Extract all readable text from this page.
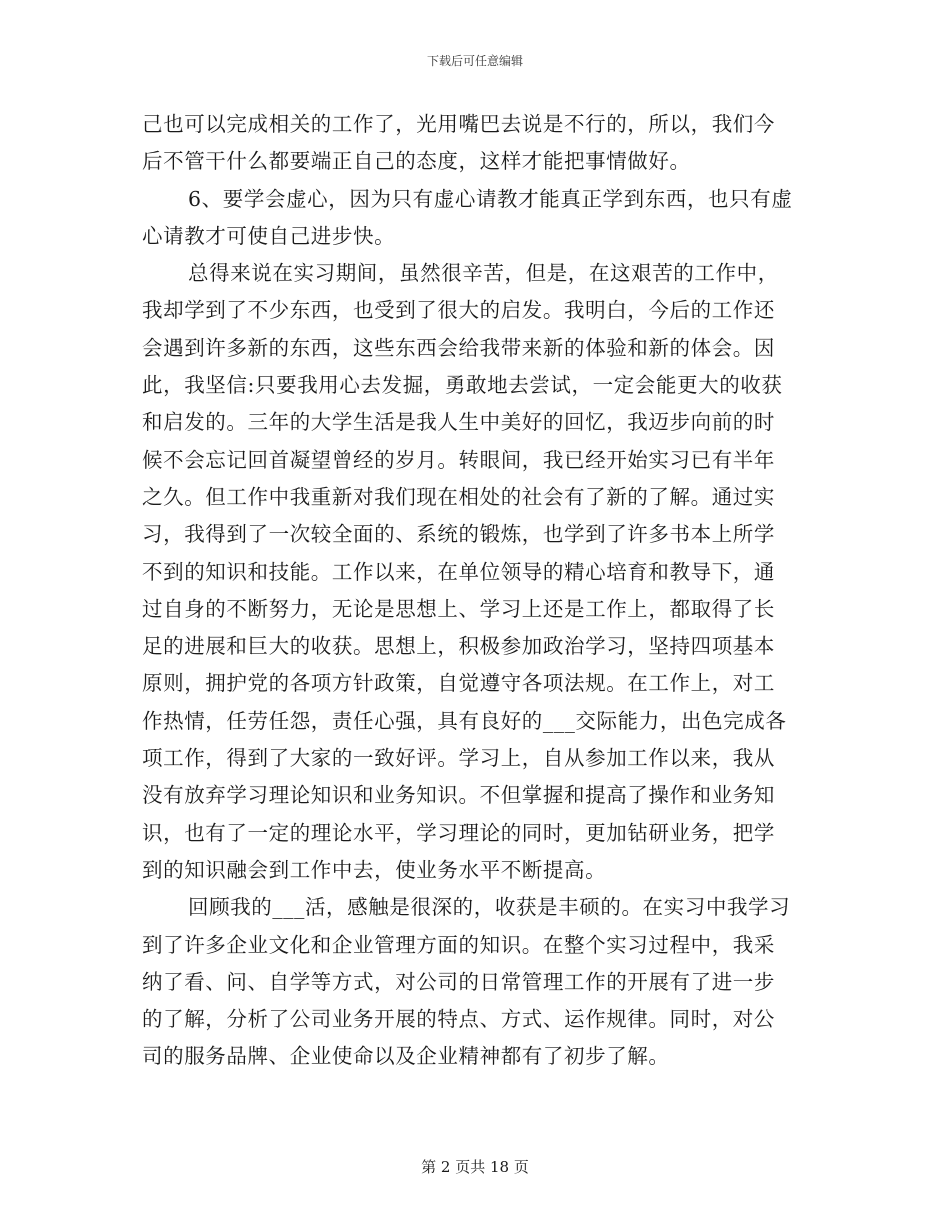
下载后可任意编辑

己也可以完成相关的工作了，光用嘴巴去说是不行的，所以，我们今
后不管干什么都要端正自己的态度，这样才能把事情做好。

6、要学会虚心，因为只有虚心请教才能真正学到东西，也只有虚
心请教才可使自己进步快。

总得来说在实习期间，虽然很辛苦，但是，在这艰苦的工作中，
我却学到了不少东西，也受到了很大的启发。我明白，今后的工作还
会遇到许多新的东西，这些东西会给我带来新的体验和新的体会。因
此，我坚信:只要我用心去发掘，勇敢地去尝试，一定会能更大的收获
和启发的。三年的大学生活是我人生中美好的回忆，我迈步向前的时
候不会忘记回首凝望曾经的岁月。转眼间，我已经开始实习已有半年
之久。但工作中我重新对我们现在相处的社会有了新的了解。通过实
习，我得到了一次较全面的、系统的锻炼，也学到了许多书本上所学
不到的知识和技能。工作以来，在单位领导的精心培育和教导下，通
过自身的不断努力，无论是思想上、学习上还是工作上，都取得了长
足的进展和巨大的收获。思想上，积极参加政治学习，坚持四项基本
原则，拥护党的各项方针政策，自觉遵守各项法规。在工作上，对工
作热情，任劳任怨，责任心强，具有良好的___交际能力，出色完成各
项工作，得到了大家的一致好评。学习上，自从参加工作以来，我从
没有放弃学习理论知识和业务知识。不但掌握和提高了操作和业务知
识，也有了一定的理论水平，学习理论的同时，更加钻研业务，把学
到的知识融会到工作中去，使业务水平不断提高。

回顾我的___活，感触是很深的，收获是丰硕的。在实习中我学习
到了许多企业文化和企业管理方面的知识。在整个实习过程中，我采
纳了看、问、自学等方式，对公司的日常管理工作的开展有了进一步
的了解，分析了公司业务开展的特点、方式、运作规律。同时，对公
司的服务品牌、企业使命以及企业精神都有了初步了解。

第 2 页共 18 页
